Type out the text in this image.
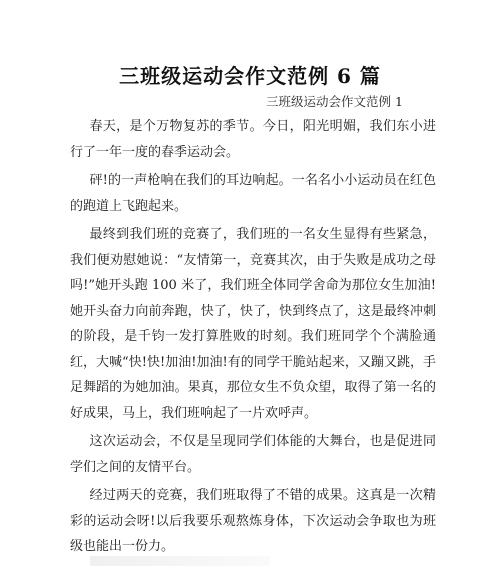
三班级运动会作文范例 6 篇
三班级运动会作文范例 1

春天，是个万物复苏的季节。今日，阳光明媚，我们东小进行了一年一度的春季运动会。

砰!的一声枪响在我们的耳边响起。一名名小小运动员在红色的跑道上飞跑起来。

最终到我们班的竞赛了，我们班的一名女生显得有些紧急，我们便劝慰她说：“友情第一，竞赛其次，由于失败是成功之母吗!”她开头跑 100 米了，我们班全体同学舍命为那位女生加油!她开头奋力向前奔跑，快了，快了，快到终点了，这是最终冲刺的阶段，是千钧一发打算胜败的时刻。我们班同学个个满脸通红，大喊“快!快!加油!加油!有的同学干脆站起来，又蹦又跳，手足舞蹈的为她加油。果真，那位女生不负众望，取得了第一名的好成果，马上，我们班响起了一片欢呼声。

这次运动会，不仅是呈现同学们体能的大舞台，也是促进同学们之间的友情平台。

经过两天的竞赛，我们班取得了不错的成果。这真是一次精彩的运动会呀!以后我要乐观熬炼身体，下次运动会争取也为班级也能出一份力。
